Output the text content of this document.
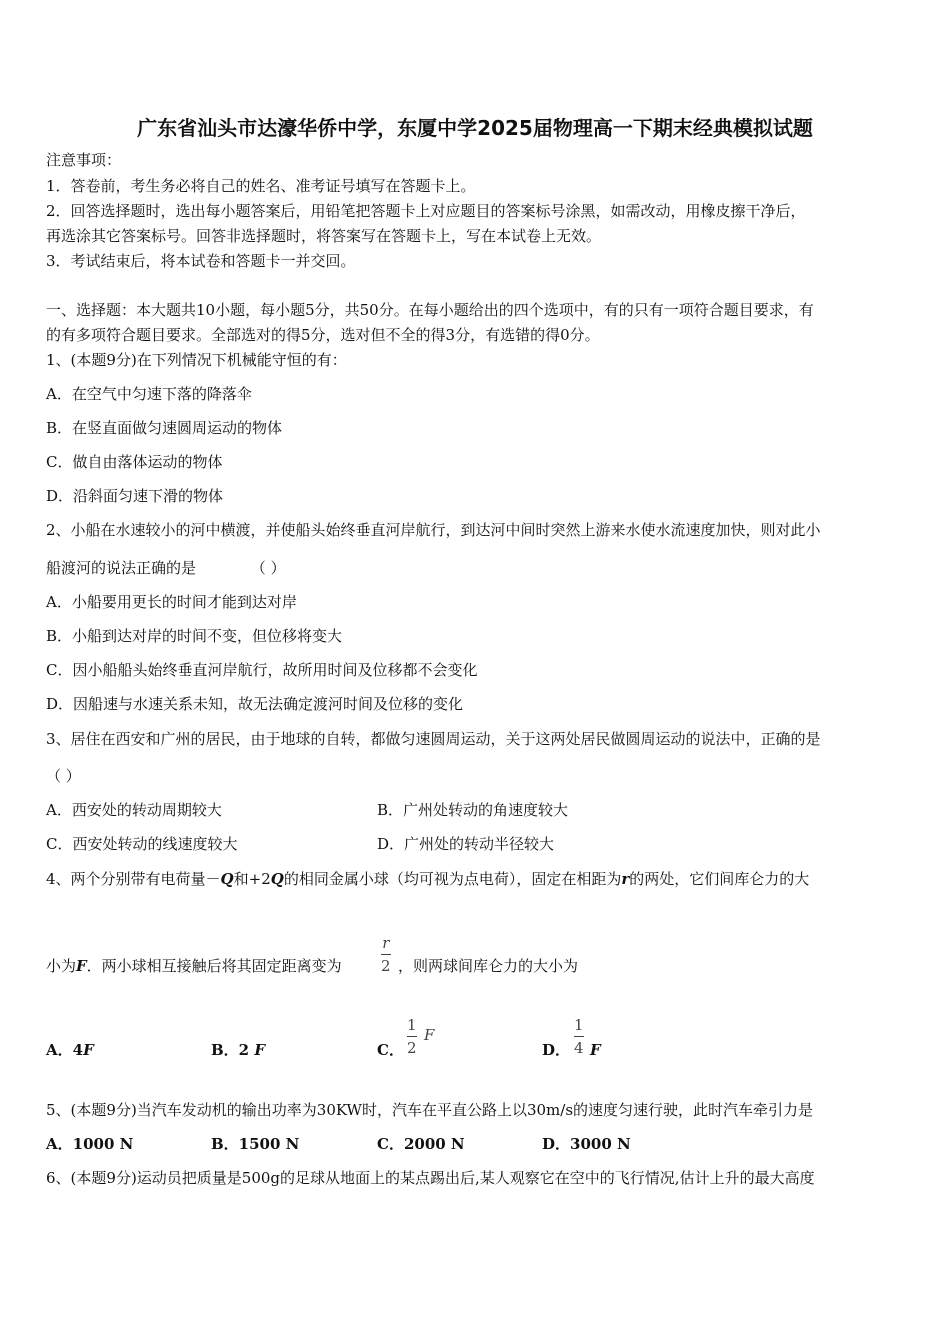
广东省汕头市达濠华侨中学，东厦中学2025届物理高一下期末经典模拟试题
注意事项：
1．答卷前，考生务必将自己的姓名、准考证号填写在答题卡上。
2．回答选择题时，选出每小题答案后，用铅笔把答题卡上对应题目的答案标号涂黑，如需改动，用橡皮擦干净后，
再选涂其它答案标号。回答非选择题时，将答案写在答题卡上，写在本试卷上无效。
3．考试结束后，将本试卷和答题卡一并交回。
一、选择题：本大题共10小题，每小题5分，共50分。在每小题给出的四个选项中，有的只有一项符合题目要求，有
的有多项符合题目要求。全部选对的得5分，选对但不全的得3分，有选错的得0分。
1、(本题9分)在下列情况下机械能守恒的有：
A．在空气中匀速下落的降落伞
B．在竖直面做匀速圆周运动的物体
C．做自由落体运动的物体
D．沿斜面匀速下滑的物体
2、小船在水速较小的河中横渡，并使船头始终垂直河岸航行，到达河中间时突然上游来水使水流速度加快，则对此小
船渡河的说法正确的是	（ ）
A．小船要用更长的时间才能到达对岸
B．小船到达对岸的时间不变，但位移将变大
C．因小船船头始终垂直河岸航行，故所用时间及位移都不会变化
D．因船速与水速关系未知，故无法确定渡河时间及位移的变化
3、居住在西安和广州的居民，由于地球的自转，都做匀速圆周运动，关于这两处居民做圆周运动的说法中，正确的是
（ ）
A．西安处的转动周期较大	B．广州处转动的角速度较大
C．西安处转动的线速度较大	D．广州处的转动半径较大
4、两个分别带有电荷量－Q和+2Q的相同金属小球（均可视为点电荷），固定在相距为r的两处，它们间库仑力的大
小为F．两小球相互接触后将其固定距离变为
r
2 ，则两球间库仑力的大小为
A．4F	B．2 F	C．
1
2
F
D．
1
4 F
5、(本题9分)当汽车发动机的输出功率为30KW时，汽车在平直公路上以30m/s的速度匀速行驶，此时汽车牵引力是
A．1000 N	B．1500 N	C．2000 N	D．3000 N
6、(本题9分)运动员把质量是500g的足球从地面上的某点踢出后,某人观察它在空中的飞行情况,估计上升的最大高度
